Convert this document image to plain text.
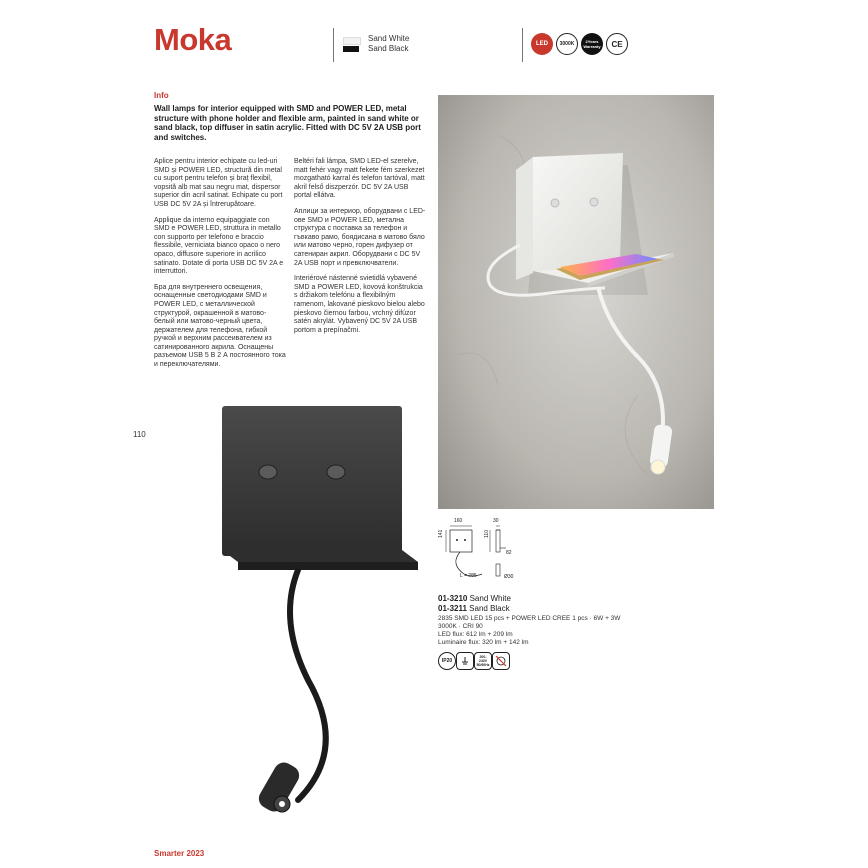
Moka	Sand White
Sand Black	LED 3000K	2Years Warranty CE
Info
Wall lamps for interior equipped with SMD and POWER LED, metal structure with phone holder and flexible arm, painted in sand white or sand black, top diffuser in satin acrylic. Fitted with DC 5V 2A USB port and switches.

Aplice pentru interior echipate cu led-uri SMD și POWER LED, structură din metal cu suport pentru telefon și braț flexibil, vopsită alb mat sau negru mat, dispersor superior din acril satinat. Echipate cu port USB DC 5V 2A și întrerupătoare.

Applique da interno equipaggiate con SMD e POWER LED, struttura in metallo con supporto per telefono e braccio flessibile, verniciata bianco opaco o nero opaco, diffusore superiore in acrilico satinato. Dotate di porta USB DC 5V 2A e interruttori.

Бра для внутреннего освещения, оснащенные светодиодами SMD и POWER LED, с металлической структурой, окрашенной в матово-белый или матово-черный цвета, держателем для телефона, гибкой ручкой и верхним рассеивателем из сатинированного акрила. Оснащены разъемом USB 5 В 2 А постоянного тока и переключателями.

Beltéri fali lámpa, SMD LED-el szerelve, matt fehér vagy matt fekete fém szerkezet mozgatható karral és telefon tartóval, matt akril felső diszperzór. DC 5V 2A USB portal ellátva.

Аплици за интериор, оборудвани с LED-ове SMD и POWER LED, метална структура с поставка за телефон и гъвкаво рамо, боядисана в матово бяло или матово черно, горен дифузер от сатениран акрил. Оборудвани с DC 5V 2A USB порт и превключватели.

Interiérové nástenné svietidlá vybavené SMD a POWER LED, kovová konštrukcia s držiakom telefónu a flexibilným ramenom, lakované pieskovo bielou alebo pieskovo čiernou farbou, vrchný difúzor satén akrylát. Vybavený DC 5V 2A USB portom a prepínačmi.

110
160	30
141	110
82
L = 285	Ø30
01-3210 Sand White
01-3211 Sand Black
2835 SMD LED 15 pcs + POWER LED CREE 1 pcs · 6W + 3W
3000K · CRI 90
LED flux: 612 lm + 209 lm
Luminaire flux: 320 lm + 142 lm
IP20
200-240V 50/60Hz
Smarter 2023
